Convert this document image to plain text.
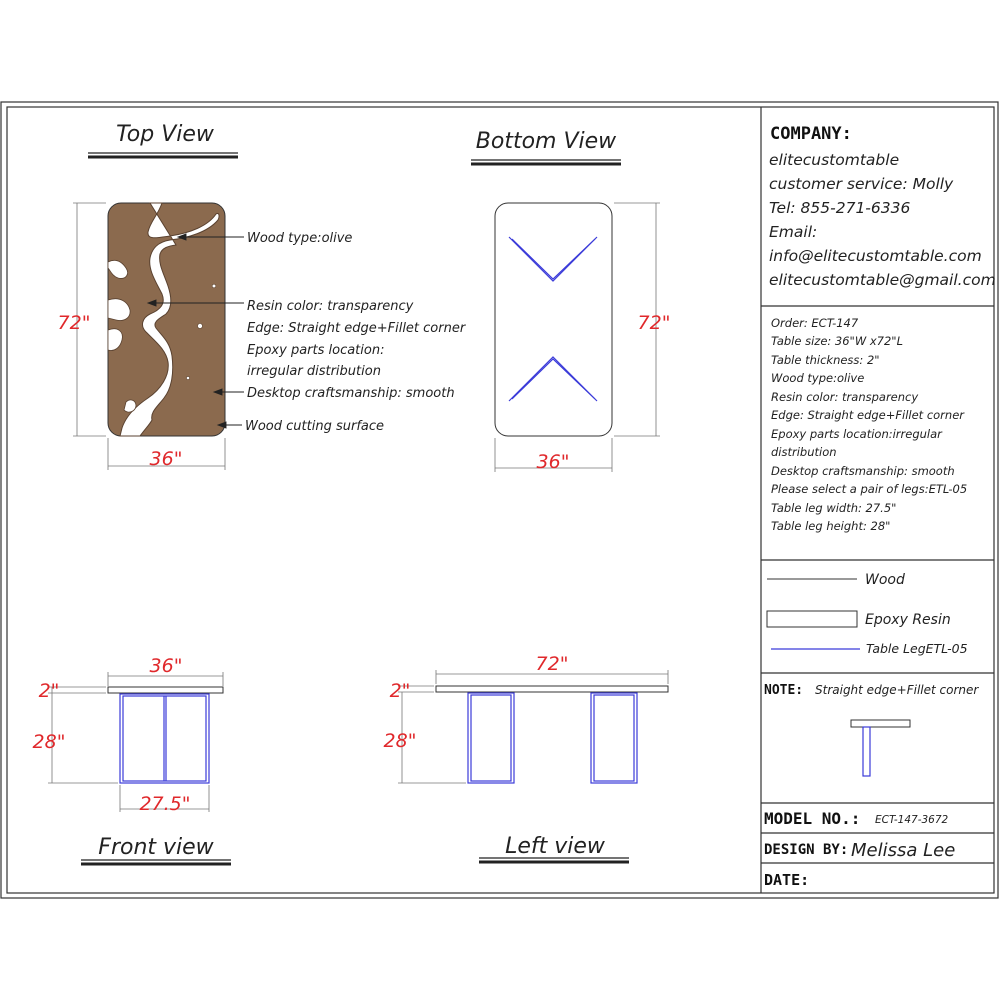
Top View
72"
36"
Wood type:olive
Resin color: transparency
Edge: Straight edge+Fillet corner
Epoxy parts location:
irregular distribution
Desktop craftsmanship: smooth
Wood cutting surface
Bottom View
72"
36"
36"
2"
28"
27.5"
Front view
72"
2"
28"
Left view
COMPANY:
elitecustomtable
customer service: Molly
Tel: 855-271-6336
Email:
info@elitecustomtable.com
elitecustomtable@gmail.com
Order: ECT-147
Table size: 36"W x72"L
Table thickness: 2"
Wood type:olive
Resin color: transparency
Edge: Straight edge+Fillet corner
Epoxy parts location:irregular
distribution
Desktop craftsmanship: smooth
Please select a pair of legs:ETL-05
Table leg width: 27.5"
Table leg height: 28"
Wood
Epoxy Resin
Table LegETL-05
NOTE: Straight edge+Fillet corner
MODEL NO.: ECT-147-3672
DESIGN BY: Melissa Lee
DATE:
